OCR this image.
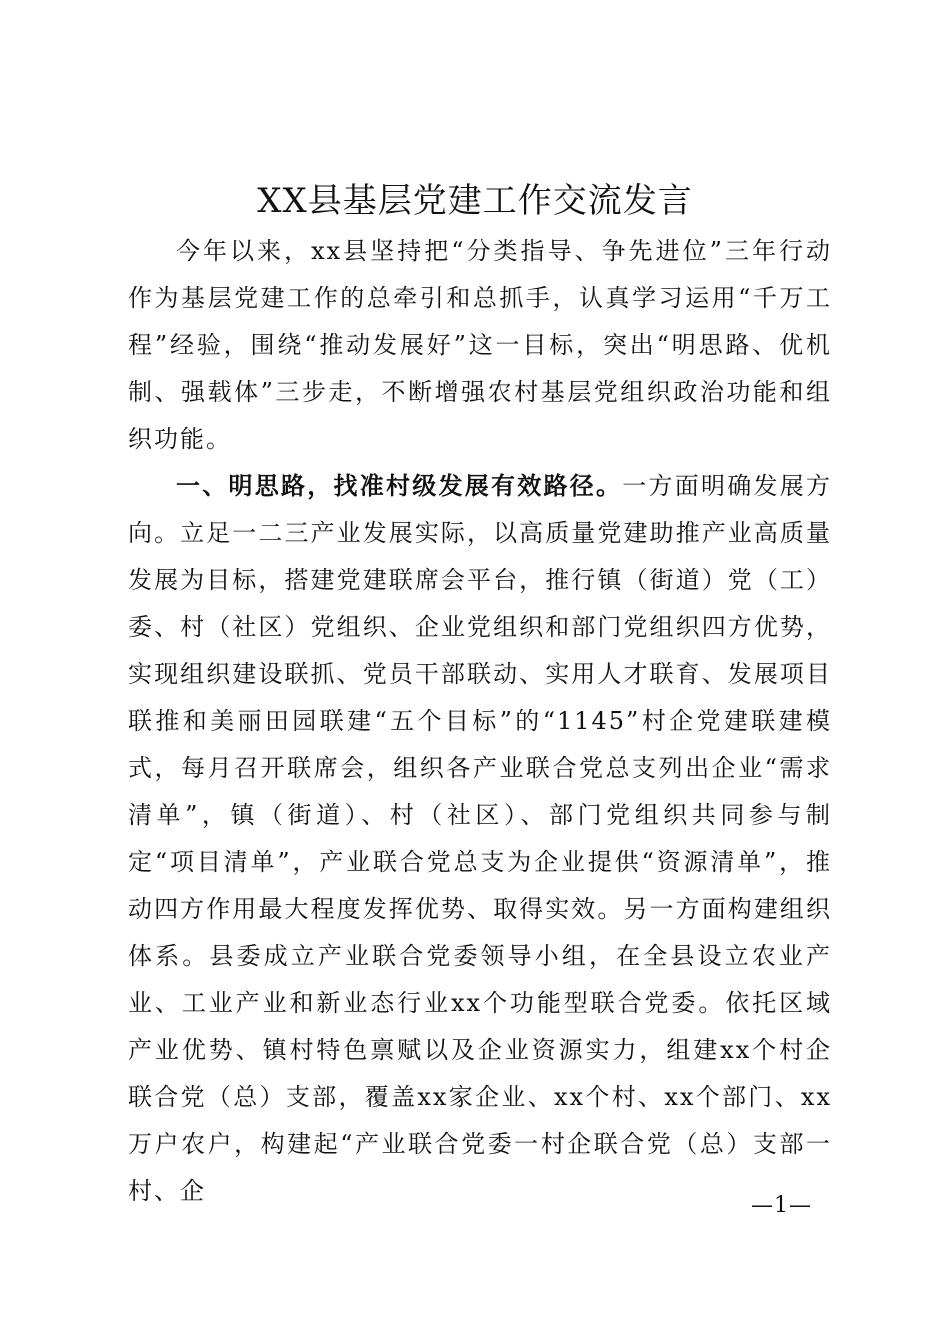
XX县基层党建工作交流发言

今年以来，xx县坚持把“分类指导、争先进位”三年行动作为基层党建工作的总牵引和总抓手，认真学习运用“千万工程”经验，围绕“推动发展好”这一目标，突出“明思路、优机制、强载体”三步走，不断增强农村基层党组织政治功能和组织功能。

一、明思路，找准村级发展有效路径。一方面明确发展方向。立足一二三产业发展实际，以高质量党建助推产业高质量发展为目标，搭建党建联席会平台，推行镇（街道）党（工）委、村（社区）党组织、企业党组织和部门党组织四方优势，实现组织建设联抓、党员干部联动、实用人才联育、发展项目联推和美丽田园联建“五个目标”的“1145”村企党建联建模式，每月召开联席会，组织各产业联合党总支列出企业“需求清单”，镇（街道）、村（社区）、部门党组织共同参与制定“项目清单”，产业联合党总支为企业提供“资源清单”，推动四方作用最大程度发挥优势、取得实效。另一方面构建组织体系。县委成立产业联合党委领导小组，在全县设立农业产业、工业产业和新业态行业xx个功能型联合党委。依托区域产业优势、镇村特色禀赋以及企业资源实力，组建xx个村企联合党（总）支部，覆盖xx家企业、xx个村、xx个部门、xx万户农户，构建起“产业联合党委一村企联合党（总）支部一村、企

—1—
